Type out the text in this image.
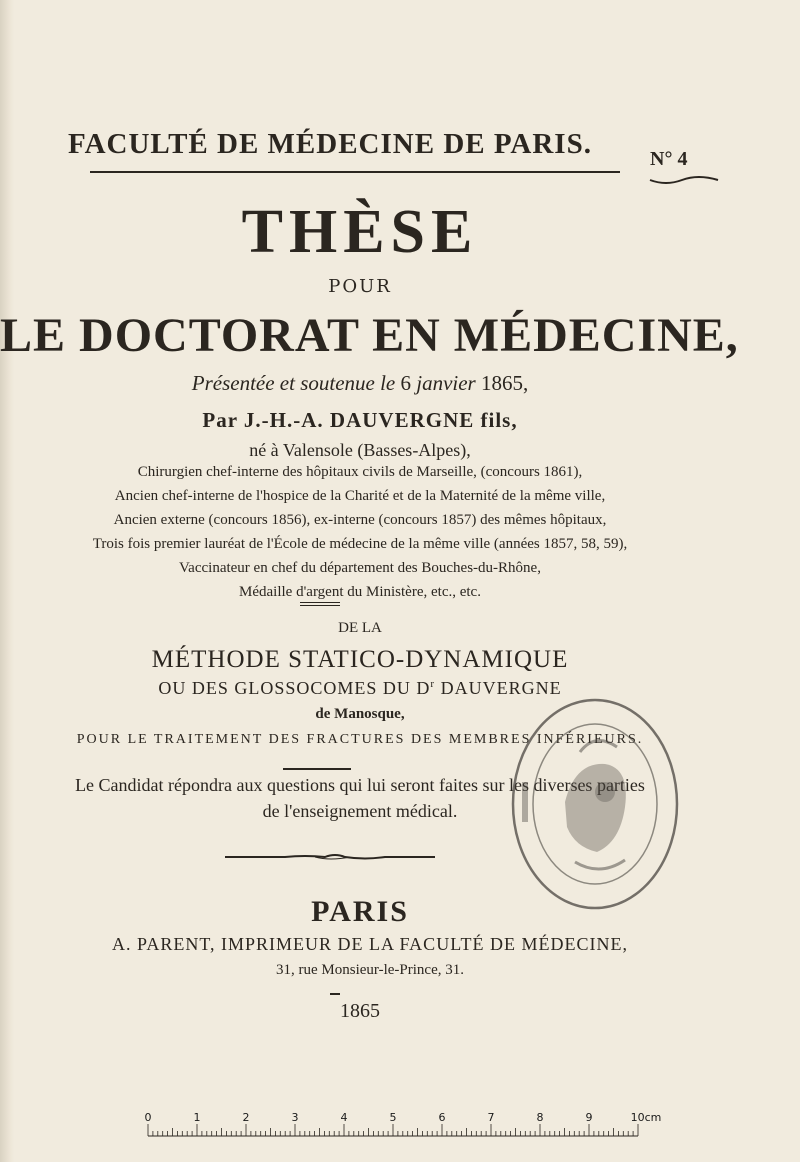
FACULTÉ DE MÉDECINE DE PARIS.	N° 4
THÈSE
POUR
LE DOCTORAT EN MÉDECINE,
Présentée et soutenue le 6 janvier 1865,
Par J.-H.-A. DAUVERGNE fils,
né à Valensole (Basses-Alpes),
Chirurgien chef-interne des hôpitaux civils de Marseille, (concours 1861),
Ancien chef-interne de l'hospice de la Charité et de la Maternité de la même ville,
Ancien externe (concours 1856), ex-interne (concours 1857) des mêmes hôpitaux,
Trois fois premier lauréat de l'École de médecine de la même ville (années 1857, 58, 59),
Vaccinateur en chef du département des Bouches-du-Rhône,
Médaille d'argent du Ministère, etc., etc.
DE LA
MÉTHODE STATICO-DYNAMIQUE
OU DES GLOSSOCOMES DU $D^r$ DAUVERGNE
de Manosque,
POUR LE TRAITEMENT DES FRACTURES DES MEMBRES INFÉRIEURS.
Le Candidat répondra aux questions qui lui seront faites sur les diverses parties
de l'enseignement médical.
PARIS
A. PARENT, IMPRIMEUR DE LA FACULTÉ DE MÉDECINE,
31, rue Monsieur-le-Prince, 31.
1865
0	1	2	3	4	5	6	7	8	9	10cm
